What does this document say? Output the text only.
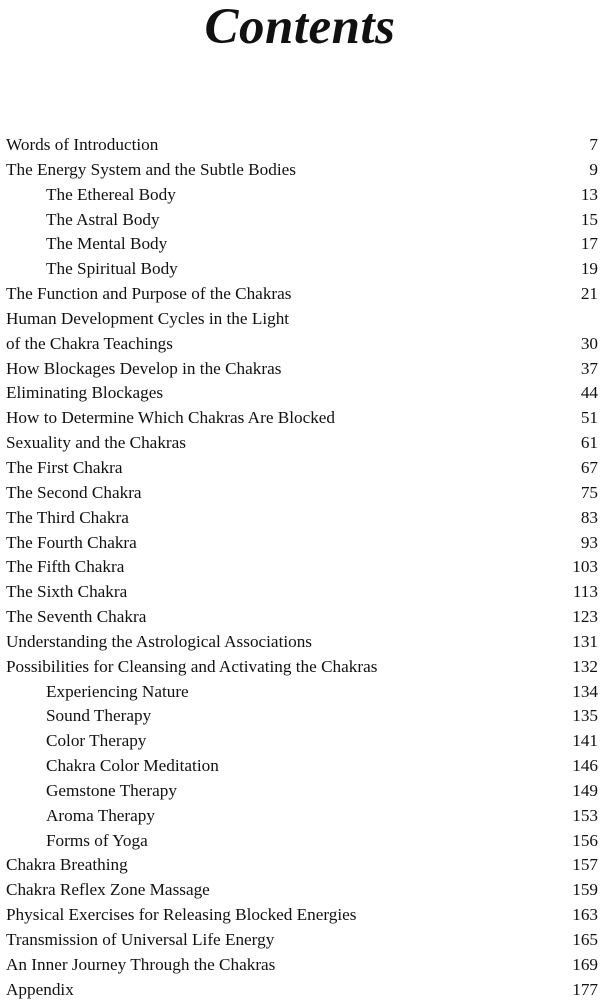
Contents
Words of Introduction	7
The Energy System and the Subtle Bodies	9
The Ethereal Body	13
The Astral Body	15
The Mental Body	17
The Spiritual Body	19
The Function and Purpose of the Chakras	21
Human Development Cycles in the Light
of the Chakra Teachings	30
How Blockages Develop in the Chakras	37
Eliminating Blockages	44
How to Determine Which Chakras Are Blocked	51
Sexuality and the Chakras	61
The First Chakra	67
The Second Chakra	75
The Third Chakra	83
The Fourth Chakra	93
The Fifth Chakra	103
The Sixth Chakra	113
The Seventh Chakra	123
Understanding the Astrological Associations	131
Possibilities for Cleansing and Activating the Chakras	132
Experiencing Nature	134
Sound Therapy	135
Color Therapy	141
Chakra Color Meditation	146
Gemstone Therapy	149
Aroma Therapy	153
Forms of Yoga	156
Chakra Breathing	157
Chakra Reflex Zone Massage	159
Physical Exercises for Releasing Blocked Energies	163
Transmission of Universal Life Energy	165
An Inner Journey Through the Chakras	169
Appendix	177
